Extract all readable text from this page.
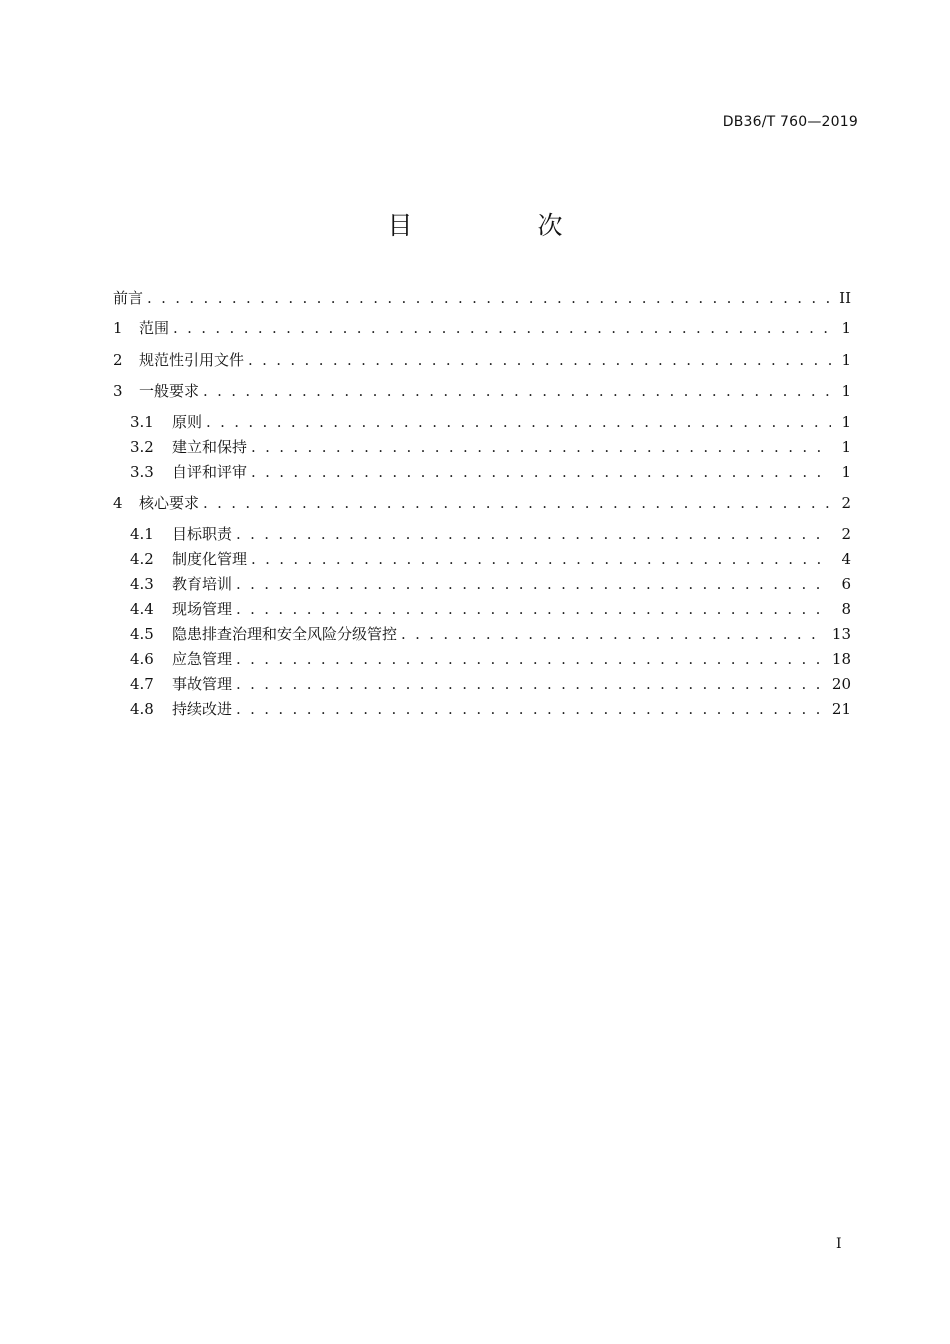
DB36/T 760—2019
目　次
前言 . . .	II
1	范围 . . .	1
2	规范性引用文件 . . .	1
3	一般要求 . . .	1
3.1	原则 . . .	1
3.2	建立和保持 . . .	1
3.3	自评和评审 . . .	1
4	核心要求 . . .	2
4.1	目标职责 . . .	2
4.2	制度化管理 . . .	4
4.3	教育培训 . . .	6
4.4	现场管理 . . .	8
4.5	隐患排查治理和安全风险分级管控 . . .	13
4.6	应急管理 . . .	18
4.7	事故管理 . . .	20
4.8	持续改进 . . .	21
I
